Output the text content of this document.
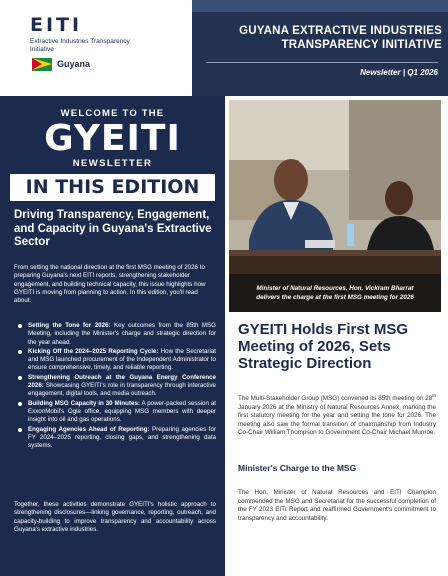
EITI
Extractive Industries Transparency Initiative
Guyana
GUYANA EXTRACTIVE INDUSTRIES
TRANSPARENCY INITIATIVE
Newsletter | Q1 2026
WELCOME TO THE
GYEITI
NEWSLETTER
IN THIS EDITION
Driving Transparency, Engagement, and Capacity in Guyana's Extractive Sector
From setting the national direction at the first MSG meeting of 2026 to preparing Guyana's next EITI reports, strengthening stakeholder engagement, and building technical capacity, this issue highlights how GYEITI is moving from planning to action. In this edition, you'll read about:
Setting the Tone for 2026: Key outcomes from the 85th MSG Meeting, including the Minister's charge and strategic direction for the year ahead.
Kicking Off the 2024–2025 Reporting Cycle: How the Secretariat and MSG launched procurement of the Independent Administrator to ensure comprehensive, timely, and reliable reporting.
Strengthening Outreach at the Guyana Energy Conference 2026: Showcasing GYEITI's role in transparency through interactive engagement, digital tools, and media outreach.
Building MSG Capacity in 30 Minutes: A power-packed session at ExxonMobil's Ogle office, equipping MSG members with deeper insight into oil and gas operations.
Engaging Agencies Ahead of Reporting: Preparing agencies for FY 2024–2025 reporting, closing gaps, and strengthening data systems.
Together, these activities demonstrate GYEITI's holistic approach to strengthening disclosures—linking governance, reporting, outreach, and capacity-building to improve transparency and accountability across Guyana's extractive industries.
Minister of Natural Resources, Hon. Vickram Bharrat
delivers the charge at the first MSG meeting for 2026
GYEITI Holds First MSG Meeting of 2026, Sets Strategic Direction
The Multi-Stakeholder Group (MSG) convened its 85th meeting on 28th January 2026 at the Ministry of Natural Resources Annex, marking the first statutory meeting for the year and setting the tone for 2026. The meeting also saw the formal transition of chairmanship from Industry Co-Chair William Thompson to Government Co-Chair Michael Munroe.
Minister's Charge to the MSG
The Hon. Minister of Natural Resources and EITI Champion commended the MSG and Secretariat for the successful completion of the FY 2023 EITI Report and reaffirmed Government's commitment to transparency and accountability.
